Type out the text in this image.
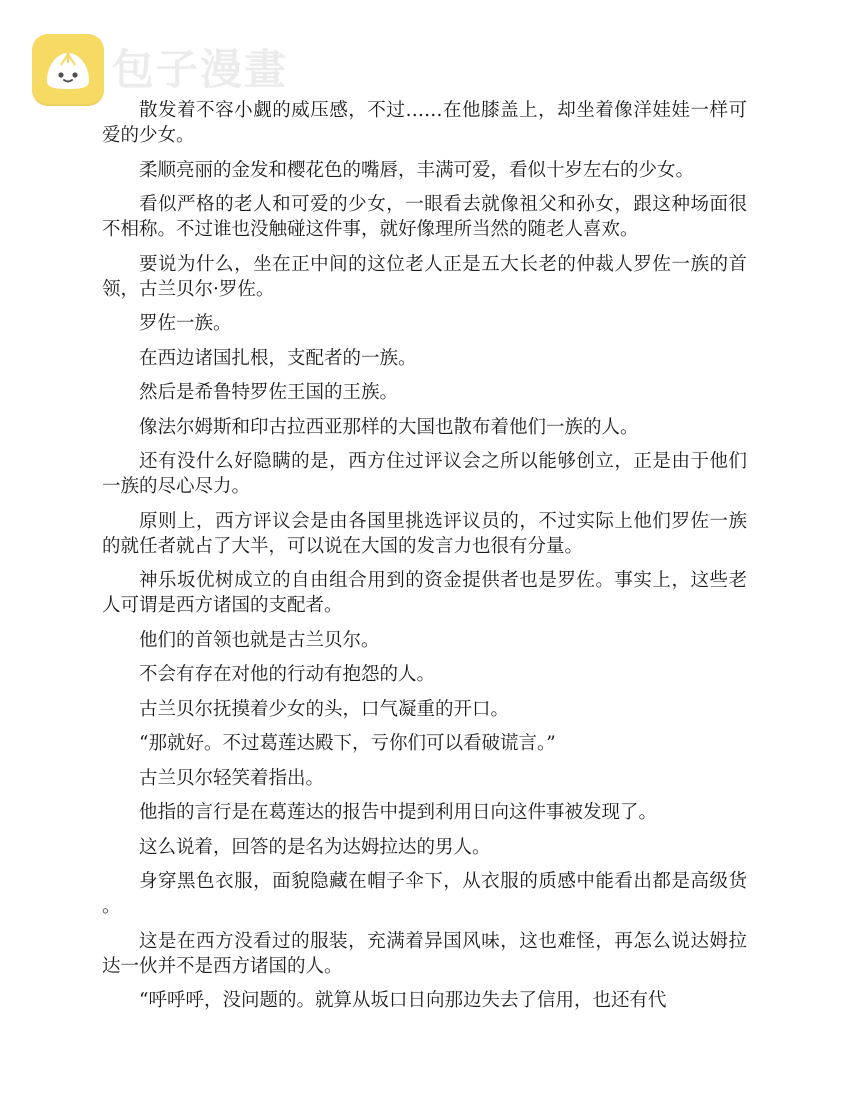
包子漫畫

散发着不容小觑的威压感，不过……在他膝盖上，却坐着像洋娃娃一样可爱的少女。

柔顺亮丽的金发和樱花色的嘴唇，丰满可爱，看似十岁左右的少女。

看似严格的老人和可爱的少女，一眼看去就像祖父和孙女，跟这种场面很不相称。不过谁也没触碰这件事，就好像理所当然的随老人喜欢。

要说为什么，坐在正中间的这位老人正是五大长老的仲裁人罗佐一族的首领，古兰贝尔·罗佐。

罗佐一族。

在西边诸国扎根，支配者的一族。

然后是希鲁特罗佐王国的王族。

像法尔姆斯和印古拉西亚那样的大国也散布着他们一族的人。

还有没什么好隐瞒的是，西方住过评议会之所以能够创立，正是由于他们一族的尽心尽力。

原则上，西方评议会是由各国里挑选评议员的，不过实际上他们罗佐一族的就任者就占了大半，可以说在大国的发言力也很有分量。

神乐坂优树成立的自由组合用到的资金提供者也是罗佐。事实上，这些老人可谓是西方诸国的支配者。

他们的首领也就是古兰贝尔。

不会有存在对他的行动有抱怨的人。

古兰贝尔抚摸着少女的头，口气凝重的开口。

“那就好。不过葛莲达殿下，亏你们可以看破谎言。”

古兰贝尔轻笑着指出。

他指的言行是在葛莲达的报告中提到利用日向这件事被发现了。

这么说着，回答的是名为达姆拉达的男人。

身穿黑色衣服，面貌隐藏在帽子伞下，从衣服的质感中能看出都是高级货。

这是在西方没看过的服装，充满着异国风味，这也难怪，再怎么说达姆拉达一伙并不是西方诸国的人。

“呼呼呼，没问题的。就算从坂口日向那边失去了信用，也还有代
